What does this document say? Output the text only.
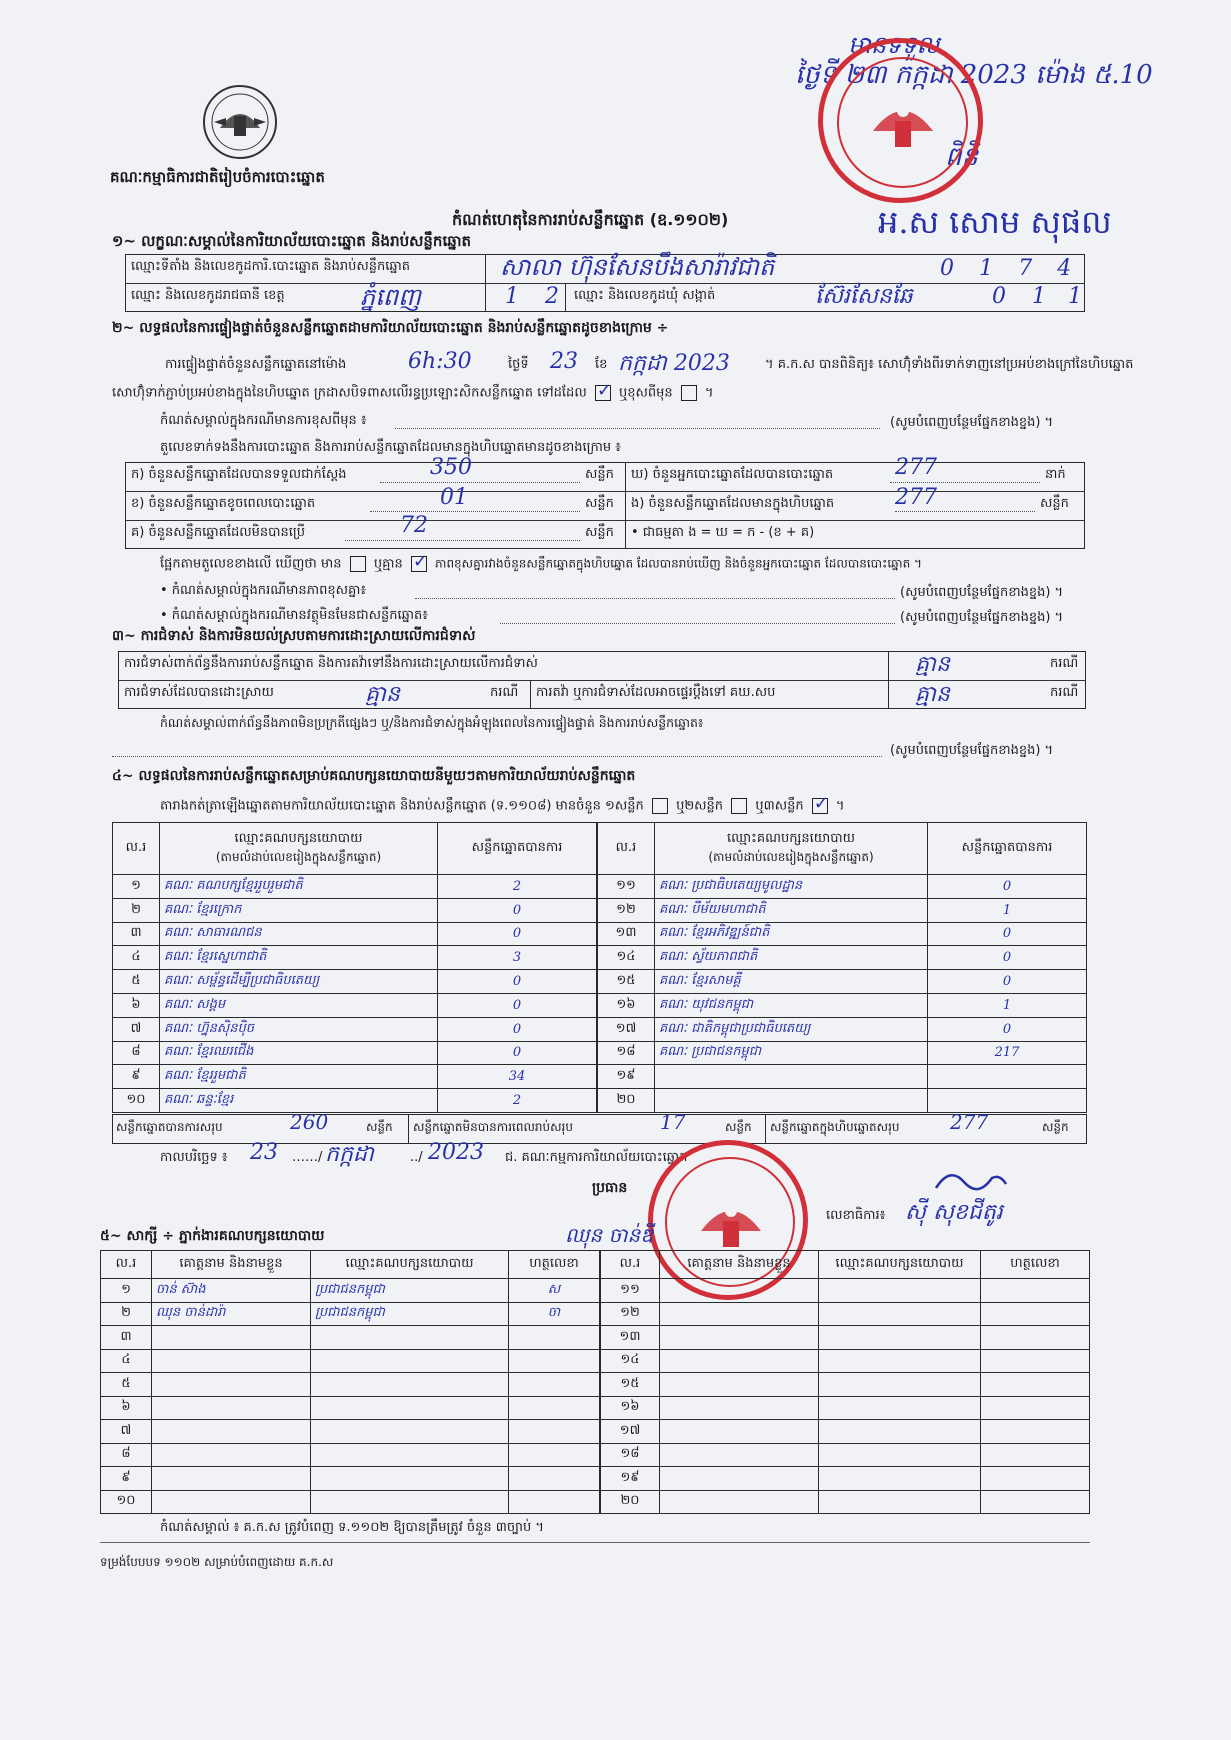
គណៈកម្មាធិការជាតិរៀបចំការបោះឆ្នោត
មាន​ទទួល
ថ្ងៃទី ២៣ កក្កដា 2023 ម៉ោង ៥.10
ពិនិ
អ.ស សោម សុផល
កំណត់ហេតុនៃការរាប់សន្លឹកឆ្នោត (ឧ.១១០២)
១~ លក្ខណៈសម្គាល់នៃការិយាល័យបោះឆ្នោត និងរាប់សន្លឹកឆ្នោត
ឈ្មោះទីតាំង និងលេខកូដការិ.បោះឆ្នោត និងរាប់សន្លឹកឆ្នោត	សាលា ហ៊ុនសែនបឹងសារ៉ាវជាតិ	0 1 7 4
ឈ្មោះ និងលេខកូដរាជធានី ខេត្ត	ភ្នំពេញ	1 2 ឈ្មោះ និងលេខកូដឃុំ សង្កាត់	ស៊ែរសែនឆែ	0 1 1
២~ លទ្ធផលនៃការផ្ទៀងផ្ទាត់ចំនួនសន្លឹកឆ្នោតដាមការិយាល័យបោះឆ្នោត និងរាប់សន្លឹកឆ្នោតដូចខាងក្រោម ÷
ការផ្ទៀងផ្ទាត់ចំនួនសន្លឹកឆ្នោតនៅម៉ោង	6h:30	ថ្ងៃទី 23 ខែ កក្កដា 2023	។ គ.ក.ស បានពិនិត្យ៖ សោហ៊ុំទាំងពីរទាក់ទាញនៅប្រអប់ខាងក្រៅនៃហិបឆ្នោត
សោហ៊ុំទាក់ភ្ជាប់ប្រអប់ខាងក្នុងនៃហិបឆ្នោត ក្រដាសបិទពាសលើរន្ធប្រឡោះសិកសន្លឹកឆ្នោត ទៅដដែល ✓ ឬខុសពីមុន  ។
កំណត់សម្គាល់ក្នុងករណីមានការខុសពីមុន ៖	(សូមបំពេញបន្ថែមផ្នែកខាងខ្នង) ។
តួលេខទាក់ទងនឹងការបោះឆ្នោត និងការរាប់សន្លឹកឆ្នោតដែលមានក្នុងហិបឆ្នោតមានដូចខាងក្រោម ៖
ក) ចំនួនសន្លឹកឆ្នោតដែលបានទទួលជាក់ស្តែង	350	សន្លឹក ឃ) ចំនួនអ្នកបោះឆ្នោតដែលបានបោះឆ្នោត	277	នាក់
ខ) ចំនួនសន្លឹកឆ្នោតខូចពេលបោះឆ្នោត	01	សន្លឹក ង) ចំនួនសន្លឹកឆ្នោតដែលមានក្នុងហិបឆ្នោត	277	សន្លឹក
គ) ចំនួនសន្លឹកឆ្នោតដែលមិនបានប្រើ	72	សន្លឹក • ជាធម្មតា ង = ឃ = ក - (ខ + គ)
ផ្អែកតាមតួលេខខាងលើ ឃើញថា មាន ឬគ្មាន ✓	ភាពខុសគ្នារវាងចំនួនសន្លឹកឆ្នោតក្នុងហិបឆ្នោត ដែលបានរាប់ឃើញ និងចំនួនអ្នកបោះឆ្នោត ដែលបានបោះឆ្នោត ។
• កំណត់សម្គាល់ក្នុងករណីមានភាពខុសគ្នា៖	(សូមបំពេញបន្ថែមផ្នែកខាងខ្នង) ។
• កំណត់សម្គាល់ក្នុងករណីមានវត្ថុមិនមែនជាសន្លឹកឆ្នោត៖	(សូមបំពេញបន្ថែមផ្នែកខាងខ្នង) ។
៣~ ការជំទាស់ និងការមិនយល់ស្របតាមការដោះស្រាយលើការជំទាស់
ការជំទាស់ពាក់ព័ន្ធនឹងការរាប់សន្លឹកឆ្នោត និងការតវ៉ាទៅនឹងការដោះស្រាយលើការជំទាស់	គ្មាន	ករណី
ការជំទាស់ដែលបានដោះស្រាយ	គ្មាន	ករណី ការតវ៉ា ឬការជំទាស់ដែលអាចផ្ទេរប្តឹងទៅ គឃ.សប	គ្មាន	ករណី
កំណត់សម្គាល់ពាក់ព័ន្ធនឹងភាពមិនប្រក្រតីផ្សេងៗ ឬ/និងការជំទាស់ក្នុងអំឡុងពេលនៃការផ្ទៀងផ្ទាត់ និងការរាប់សន្លឹកឆ្នោត៖
(សូមបំពេញបន្ថែមផ្នែកខាងខ្នង) ។
៤~ លទ្ធផលនៃការរាប់សន្លឹកឆ្នោតសម្រាប់គណបក្សនយោបាយនីមួយៗតាមការិយាល័យរាប់សន្លឹកឆ្នោត
តារាងកត់ត្រាឡើងឆ្នោតតាមការិយាល័យបោះឆ្នោត និងរាប់សន្លឹកឆ្នោត (ទ.១១០៨) មានចំនួន ១សន្លឹក ឬ២សន្លឹក ឬ៣សន្លឹក ✓ ។
ល.រ	ឈ្មោះគណបក្សនយោបាយ
(តាមលំដាប់លេខរៀងក្នុងសន្លឹកឆ្នោត)	សន្លឹកឆ្នោតបានការ
១	គណៈ គណបក្សខ្មែររួបរួមជាតិ	2
២	គណៈ ខ្មែរក្រោក	0
៣	គណៈ សាធារណជន	0
៤	គណៈ ខ្មែរស្នេហាជាតិ	3
៥	គណៈ សម្ព័ន្ធដើម្បីប្រជាធិបតេយ្យ	0
៦	គណៈ សង្គម	0
៧	គណៈ ហ្វ៊ុនស៊ិនប៉ិច	0
៨	គណៈ ខ្មែរឈរជើង	0
៩	គណៈ ខ្មែររួមជាតិ	34
១០	គណៈ ឆន្ទៈខ្មែរ	2
ល.រ	ឈ្មោះគណបក្សនយោបាយ
(តាមលំដាប់លេខរៀងក្នុងសន្លឹកឆ្នោត)	សន្លឹកឆ្នោតបានការ
១១	គណៈ ប្រជាធិបតេយ្យមូលដ្ឋាន	0
១២	គណៈ បីម័យមហាជាតិ	1
១៣	គណៈ ខ្មែរអភិវឌ្ឍន៍ជាតិ	0
១៤	គណៈ ស្វ័យភាពជាតិ	0
១៥	គណៈ ខ្មែរសាមគ្គី	0
១៦	គណៈ យុវជនកម្ពុជា	1
១៧	គណៈ ជាតិកម្ពុជាប្រជាធិបតេយ្យ	0
១៨	គណៈ ប្រជាជនកម្ពុជា	217
១៩		
២០		
សន្លឹកឆ្នោតបានការសរុប	260	សន្លឹក សន្លឹកឆ្នោតមិនបានការពេលរាប់សរុប	17	សន្លឹក សន្លឹកឆ្នោតក្នុងហិបឆ្នោតសរុប	277	សន្លឹក
កាលបរិច្ឆេទ ៖ 23 ……/ កក្កដា	../ 2023 ជ. គណៈកម្មការការិយាល័យបោះឆ្នោត
ប្រធាន
ឈុន ចាន់ឌី
លេខាធិការ៖ ស៊ី សុខជីតូរ
៥~ សាក្សី ÷ ភ្នាក់ងារគណបក្សនយោបាយ
ល.រ	គោត្តនាម និងនាមខ្លួន	ឈ្មោះគណបក្សនយោបាយ	ហត្ថលេខា
១	ចាន់ ស៊ាង	ប្រជាជនកម្ពុជា	ស
២	ឈុន ចាន់ដារ៉ា	ប្រជាជនកម្ពុជា	ចា
៣			
៤			
៥			
៦			
៧			
៨			
៩			
១០			
ល.រ	គោត្តនាម និងនាមខ្លួន	ឈ្មោះគណបក្សនយោបាយ	ហត្ថលេខា
១១			
១២			
១៣			
១៤			
១៥			
១៦			
១៧			
១៨			
១៩			
២០			
កំណត់សម្គាល់ ៖ គ.ក.ស ត្រូវបំពេញ ទ.១១០២ ឱ្យបានត្រឹមត្រូវ ចំនួន ៣ច្បាប់ ។
ទម្រង់បែបបទ ១១០២ សម្រាប់បំពេញដោយ គ.ក.ស
